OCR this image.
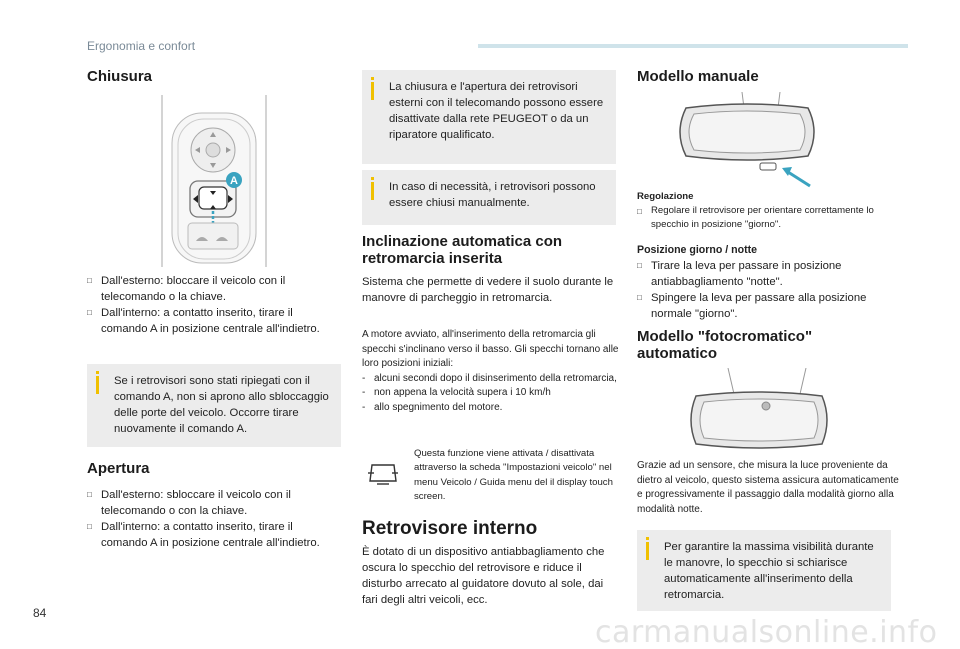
Ergonomia e confort
Chiusura
A
□ Dall'esterno: bloccare il veicolo con il telecomando o la chiave.

□ Dall'interno: a contatto inserito, tirare il comando A in posizione centrale all'indietro.

Se i retrovisori sono stati ripiegati con il comando A, non si aprono allo sbloccaggio delle porte del veicolo. Occorre tirare nuovamente il comando A.

Apertura
□ Dall'esterno: sbloccare il veicolo con il telecomando o con la chiave.

□ Dall'interno: a contatto inserito, tirare il comando A in posizione centrale all'indietro.

La chiusura e l'apertura dei retrovisori esterni con il telecomando possono essere disattivate dalla rete PEUGEOT o da un riparatore qualificato.

In caso di necessità, i retrovisori possono essere chiusi manualmente.

Inclinazione automatica con retromarcia inserita

Sistema che permette di vedere il suolo durante le manovre di parcheggio in retromarcia.

A motore avviato, all'inserimento della retromarcia gli specchi s'inclinano verso il basso. Gli specchi tornano alle loro posizioni iniziali:

- alcuni secondi dopo il disinserimento della retromarcia,

- non appena la velocità supera i 10 km/h

- allo spegnimento del motore.

Questa funzione viene attivata / disattivata attraverso la scheda "Impostazioni veicolo" nel menu Veicolo / Guida menu del il display touch screen.

Retrovisore interno

È dotato di un dispositivo antiabbagliamento che oscura lo specchio del retrovisore e riduce il disturbo arrecato al guidatore dovuto al sole, dai fari degli altri veicoli, ecc.

Modello manuale

Regolazione

□ Regolare il retrovisore per orientare correttamente lo specchio in posizione "giorno".

Posizione giorno / notte

□ Tirare la leva per passare in posizione antiabbagliamento "notte".

□ Spingere la leva per passare alla posizione normale "giorno".

Modello "fotocromatico" automatico

Grazie ad un sensore, che misura la luce proveniente da dietro al veicolo, questo sistema assicura automaticamente e progressivamente il passaggio dalla modalità giorno alla modalità notte.

Per garantire la massima visibilità durante le manovre, lo specchio si schiarisce automaticamente all'inserimento della retromarcia.

84
carmanualsonline.info
